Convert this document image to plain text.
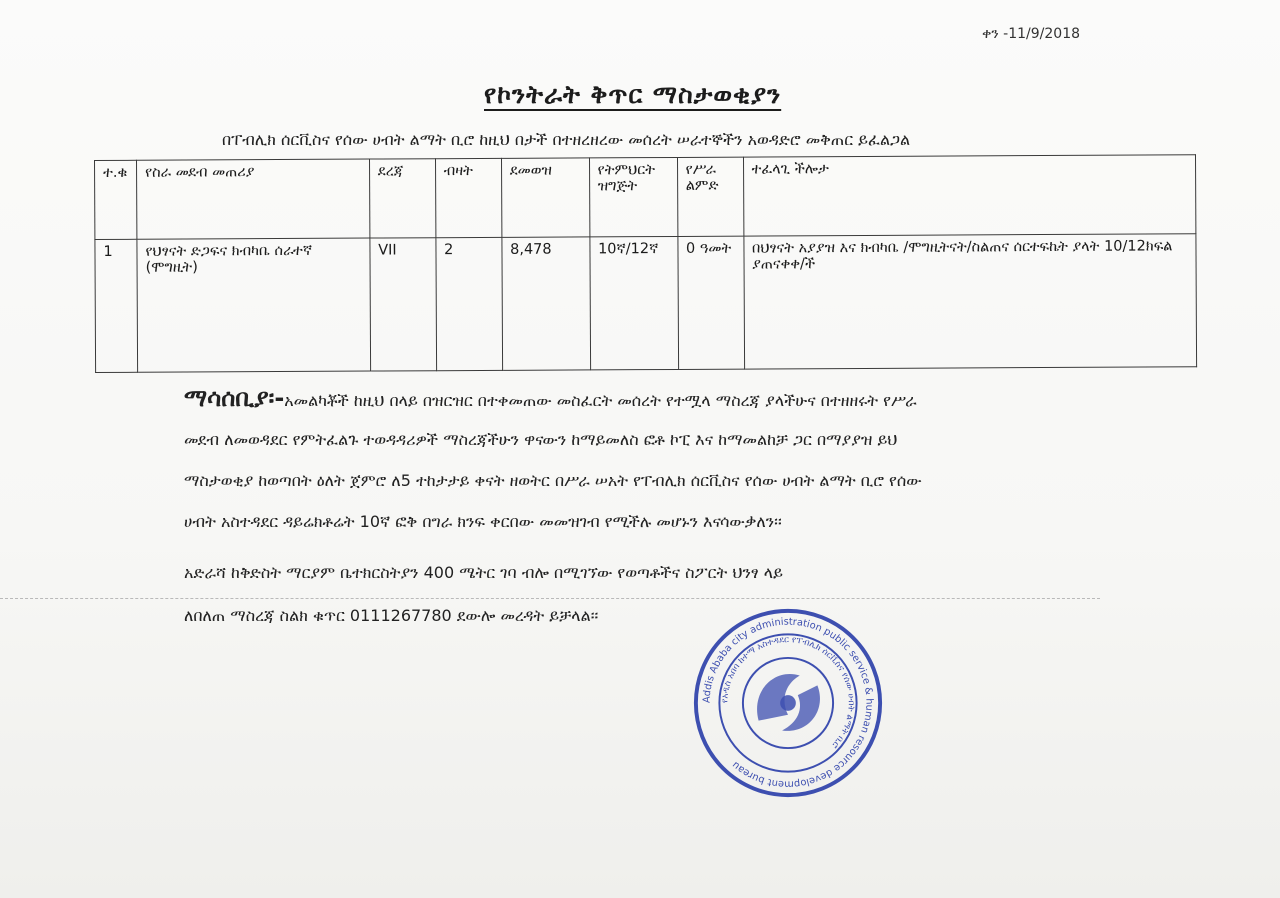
ቀን -11/9/2018
የኮንትራት ቅጥር ማስታወቂያን
በፐብሊክ ሰርቪስና የሰው ሀብት ልማት ቢሮ ከዚህ በታች በተዘረዘረው መሰረት ሠራተኞችን አወዳድሮ መቅጠር ይፈልጋል
ተ.ቁ	የስራ መደብ መጠሪያ	ደረጃ	ብዛት	ደመወዝ	የትምህርት ዝግጅት	የሥራ ልምድ	ተፈላጊ ችሎታ
1	የህፃናት ድጋፍና ክብካቤ ሰራተኛ (ሞግዚት)	VII	2	8,478	10ኛ/12ኛ	0 ዓመት	በህፃናት አያያዝ እና ክብካቤ /ሞግዚትናት/ስልጠና ሰርተፍኬት ያላት 10/12ክፍል ያጠናቀቀ/ች
ማሳሰቢያ፡-አመልካቾች ከዚህ በላይ በዝርዝር በተቀመጠው መስፈርት መሰረት የተሟላ ማስረጃ ያላችሁና በተዘዘሩት የሥራ
መደብ ለመወዳደር የምትፈልጉ ተወዳዳሪዎች ማስረጃችሁን ዋናውን ከማይመለስ ፎቶ ኮፒ እና ከማመልከቻ ጋር በማያያዝ ይህ
ማስታወቂያ ከወጣበት ዕለት ጀምሮ ለ5 ተከታታይ ቀናት ዘወትር በሥራ ሠአት የፐብሊክ ሰርቪስና የሰው ሀብት ልማት ቢሮ የሰው
ሀብት አስተዳደር ዳይሬክቶሬት 10ኛ ፎቅ በግራ ክንፍ ቀርበው መመዝገብ የሚችሉ መሆኑን እናሳውቃለን፡፡
አድራሻ ከቅድስት ማርያም ቤተክርስትያን 400 ሜትር ገባ ብሎ በሚገኘው የወጣቶችና ስፖርት ህንፃ ላይ
ለበለጠ ማስረጃ ስልክ ቁጥር 0111267780 ደውሎ መረዳት ይቻላል፡፡
Addis Ababa city administration public service & human resource development bureau
የአዲስ አበባ ከተማ አስተዳደር የፐብሊክ ሰርቪስና የሰው ሀብት ልማት ቢሮ
